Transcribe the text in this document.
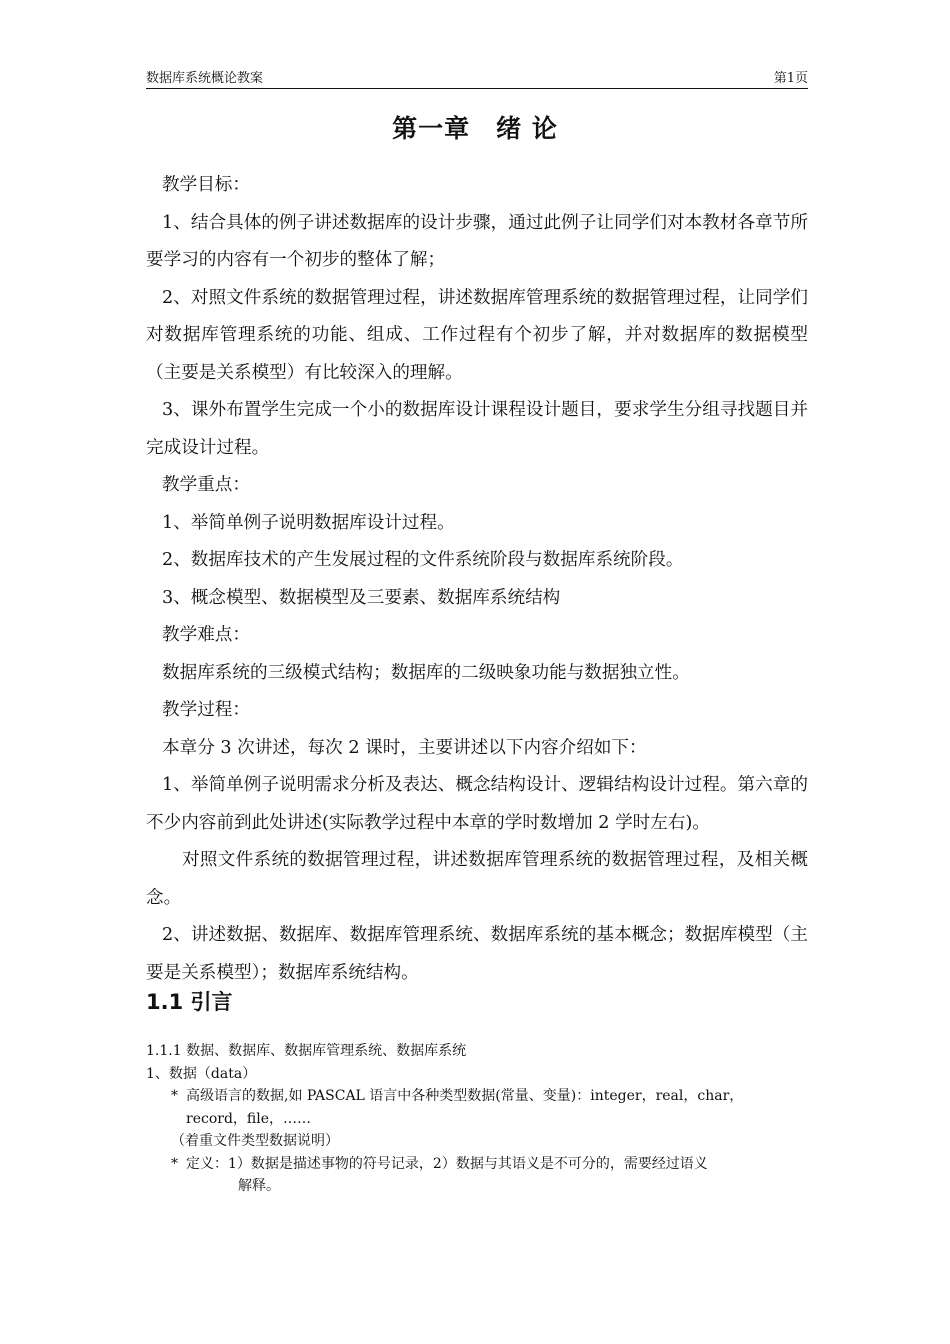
数据库系统概论教案	第1页
第一章　绪 论

教学目标：

1、结合具体的例子讲述数据库的设计步骤，通过此例子让同学们对本教材各章节所要学习的内容有一个初步的整体了解；

2、对照文件系统的数据管理过程，讲述数据库管理系统的数据管理过程，让同学们对数据库管理系统的功能、组成、工作过程有个初步了解，并对数据库的数据模型（主要是关系模型）有比较深入的理解。

3、课外布置学生完成一个小的数据库设计课程设计题目，要求学生分组寻找题目并完成设计过程。

教学重点：

1、举简单例子说明数据库设计过程。

2、数据库技术的产生发展过程的文件系统阶段与数据库系统阶段。

3、概念模型、数据模型及三要素、数据库系统结构

教学难点：

数据库系统的三级模式结构；数据库的二级映象功能与数据独立性。

教学过程：

本章分 3 次讲述，每次 2 课时，主要讲述以下内容介绍如下：

1、举简单例子说明需求分析及表达、概念结构设计、逻辑结构设计过程。第六章的不少内容前到此处讲述(实际教学过程中本章的学时数增加 2 学时左右)。

对照文件系统的数据管理过程，讲述数据库管理系统的数据管理过程，及相关概念。

2、讲述数据、数据库、数据库管理系统、数据库系统的基本概念；数据库模型（主要是关系模型）；数据库系统结构。

1.1 引言

1.1.1 数据、数据库、数据库管理系统、数据库系统

1、数据（data）

* 高级语言的数据,如 PASCAL 语言中各种类型数据(常量、变量)：integer，real，char，
record，file，……

（着重文件类型数据说明）

* 定义：1）数据是描述事物的符号记录，2）数据与其语义是不可分的，需要经过语义
解释。
